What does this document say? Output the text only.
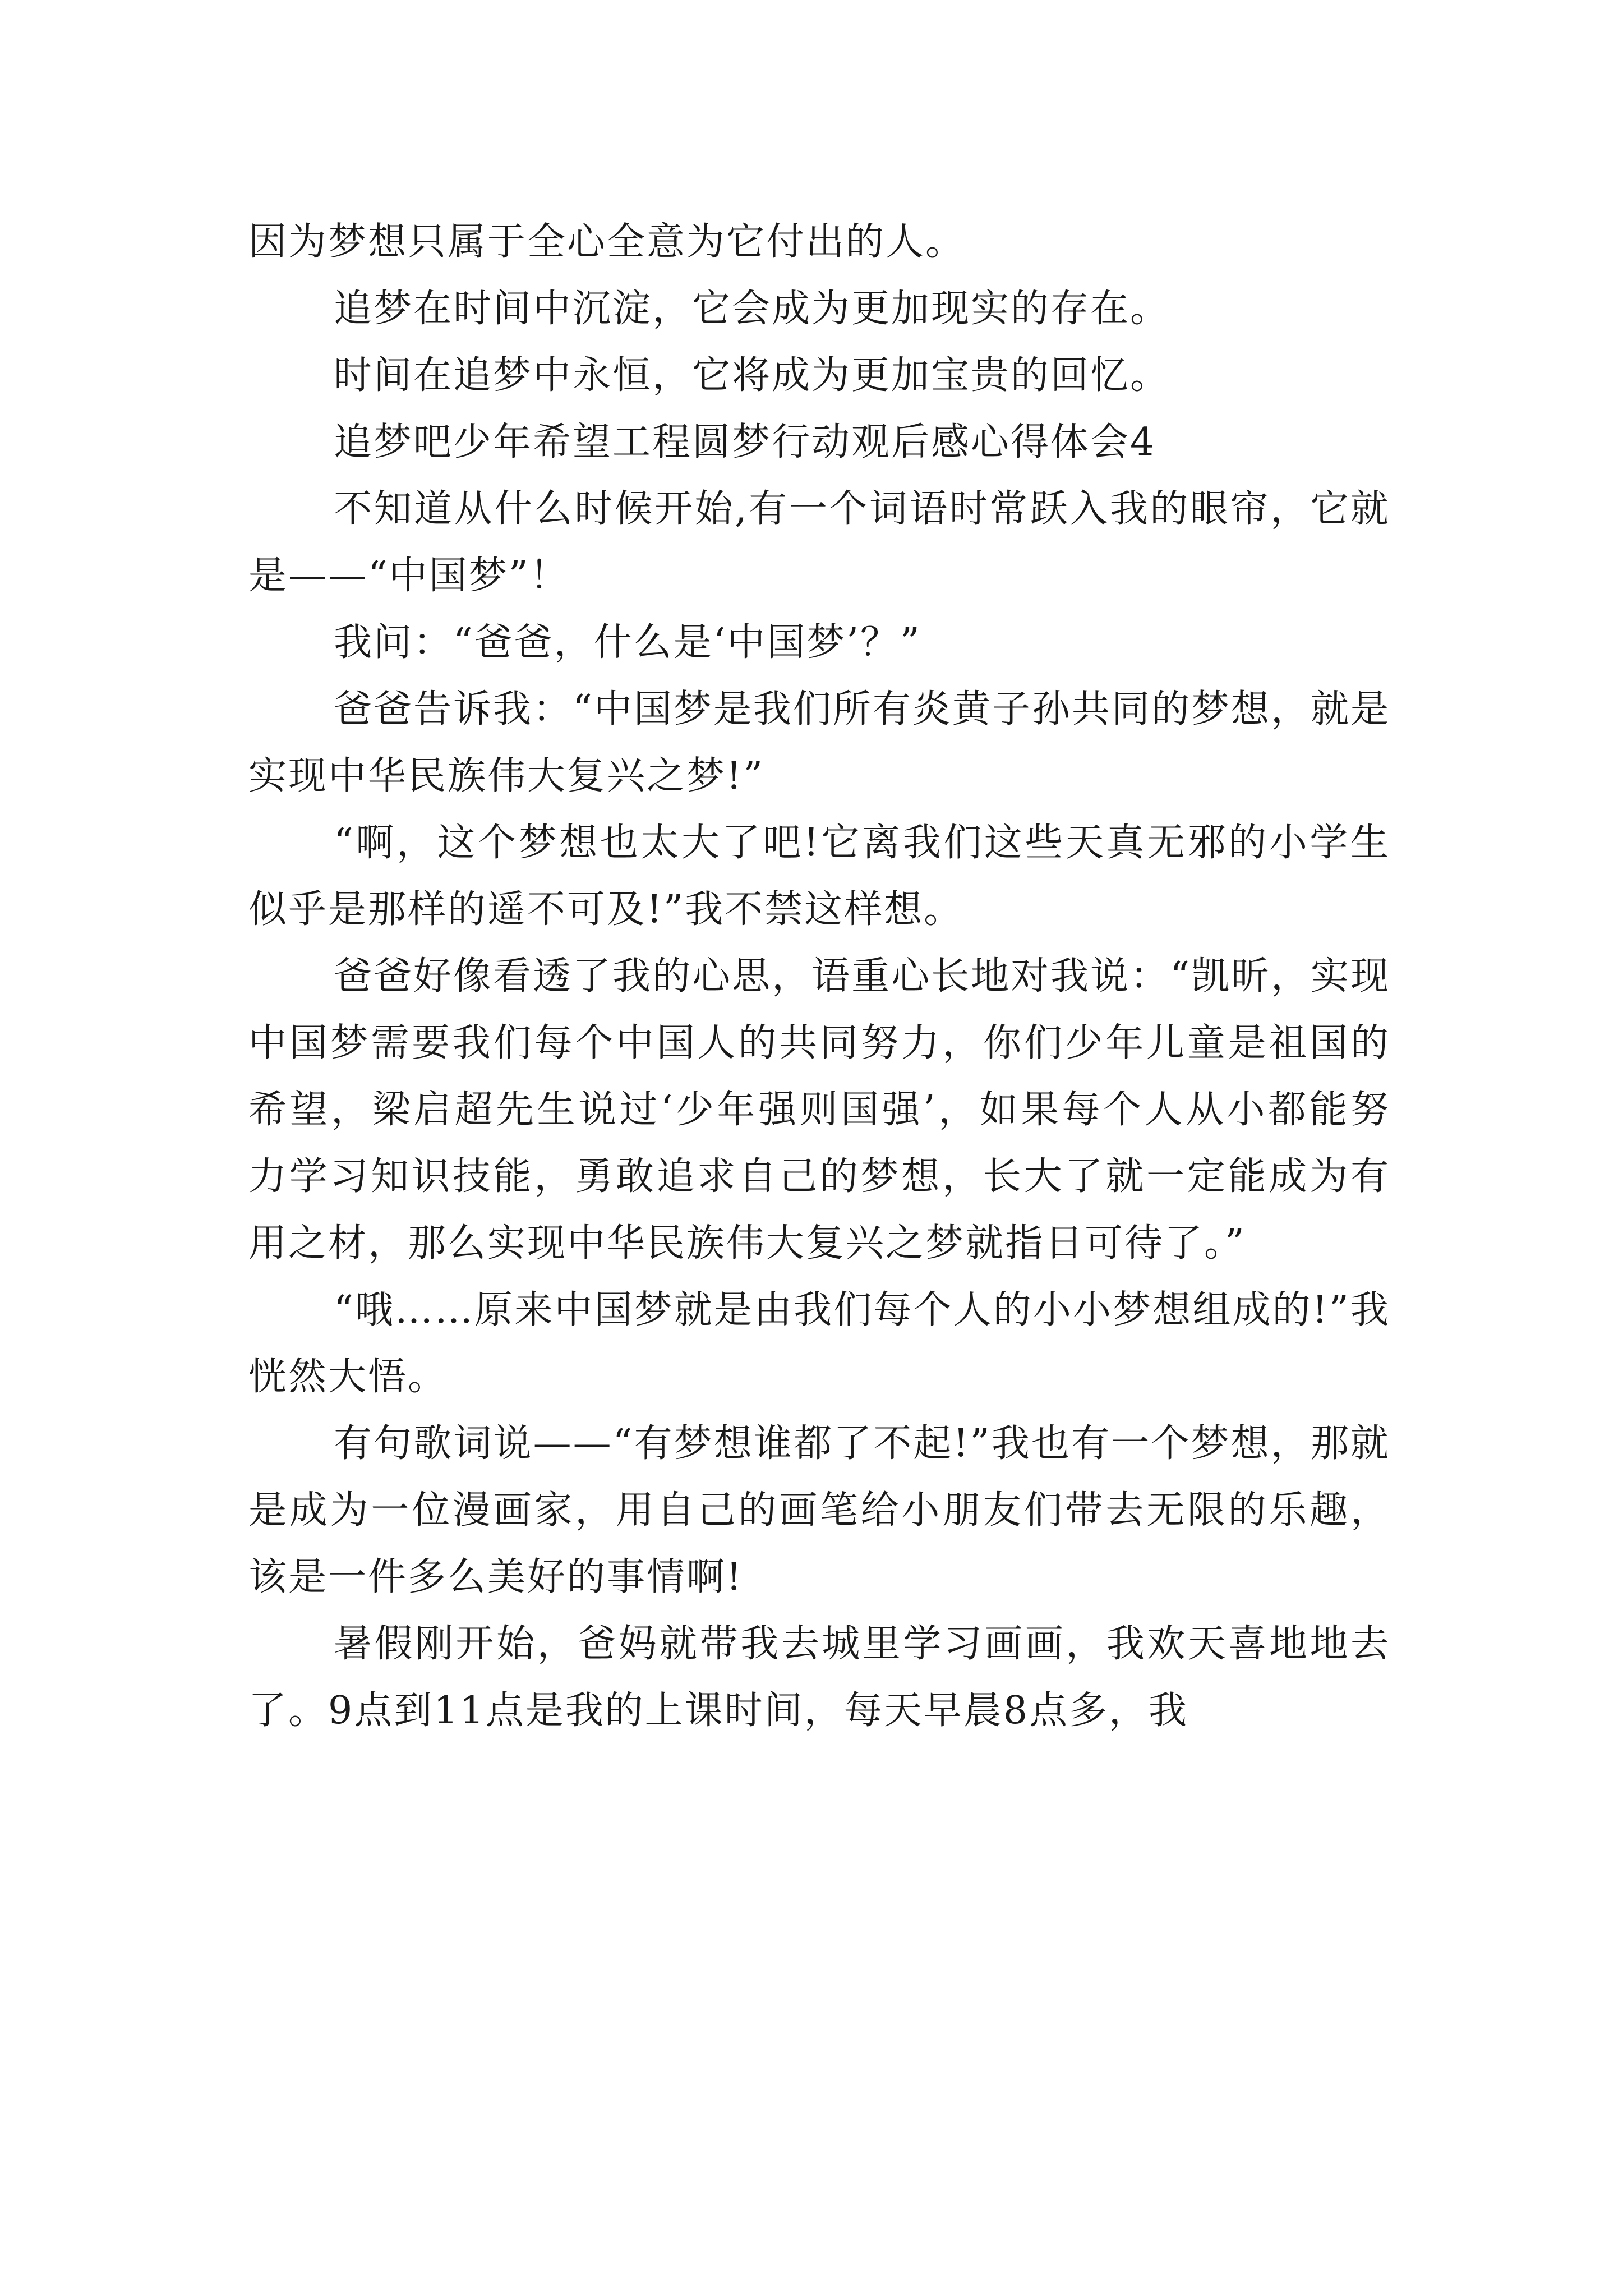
因为梦想只属于全心全意为它付出的人。

追梦在时间中沉淀，它会成为更加现实的存在。

时间在追梦中永恒，它将成为更加宝贵的回忆。

追梦吧少年希望工程圆梦行动观后感心得体会4

不知道从什么时候开始,有一个词语时常跃入我的眼帘，它就是——“中国梦”！

我问：“爸爸，什么是‘中国梦’？”

爸爸告诉我：“中国梦是我们所有炎黄子孙共同的梦想，就是实现中华民族伟大复兴之梦!”

“啊，这个梦想也太大了吧!它离我们这些天真无邪的小学生似乎是那样的遥不可及!”我不禁这样想。

爸爸好像看透了我的心思，语重心长地对我说：“凯昕，实现中国梦需要我们每个中国人的共同努力，你们少年儿童是祖国的希望，梁启超先生说过‘少年强则国强’，如果每个人从小都能努力学习知识技能，勇敢追求自己的梦想，长大了就一定能成为有用之材，那么实现中华民族伟大复兴之梦就指日可待了。”

“哦……原来中国梦就是由我们每个人的小小梦想组成的!”我恍然大悟。

有句歌词说——“有梦想谁都了不起!”我也有一个梦想，那就是成为一位漫画家，用自己的画笔给小朋友们带去无限的乐趣，该是一件多么美好的事情啊!

暑假刚开始，爸妈就带我去城里学习画画，我欢天喜地地去了。9点到11点是我的上课时间，每天早晨8点多，我
